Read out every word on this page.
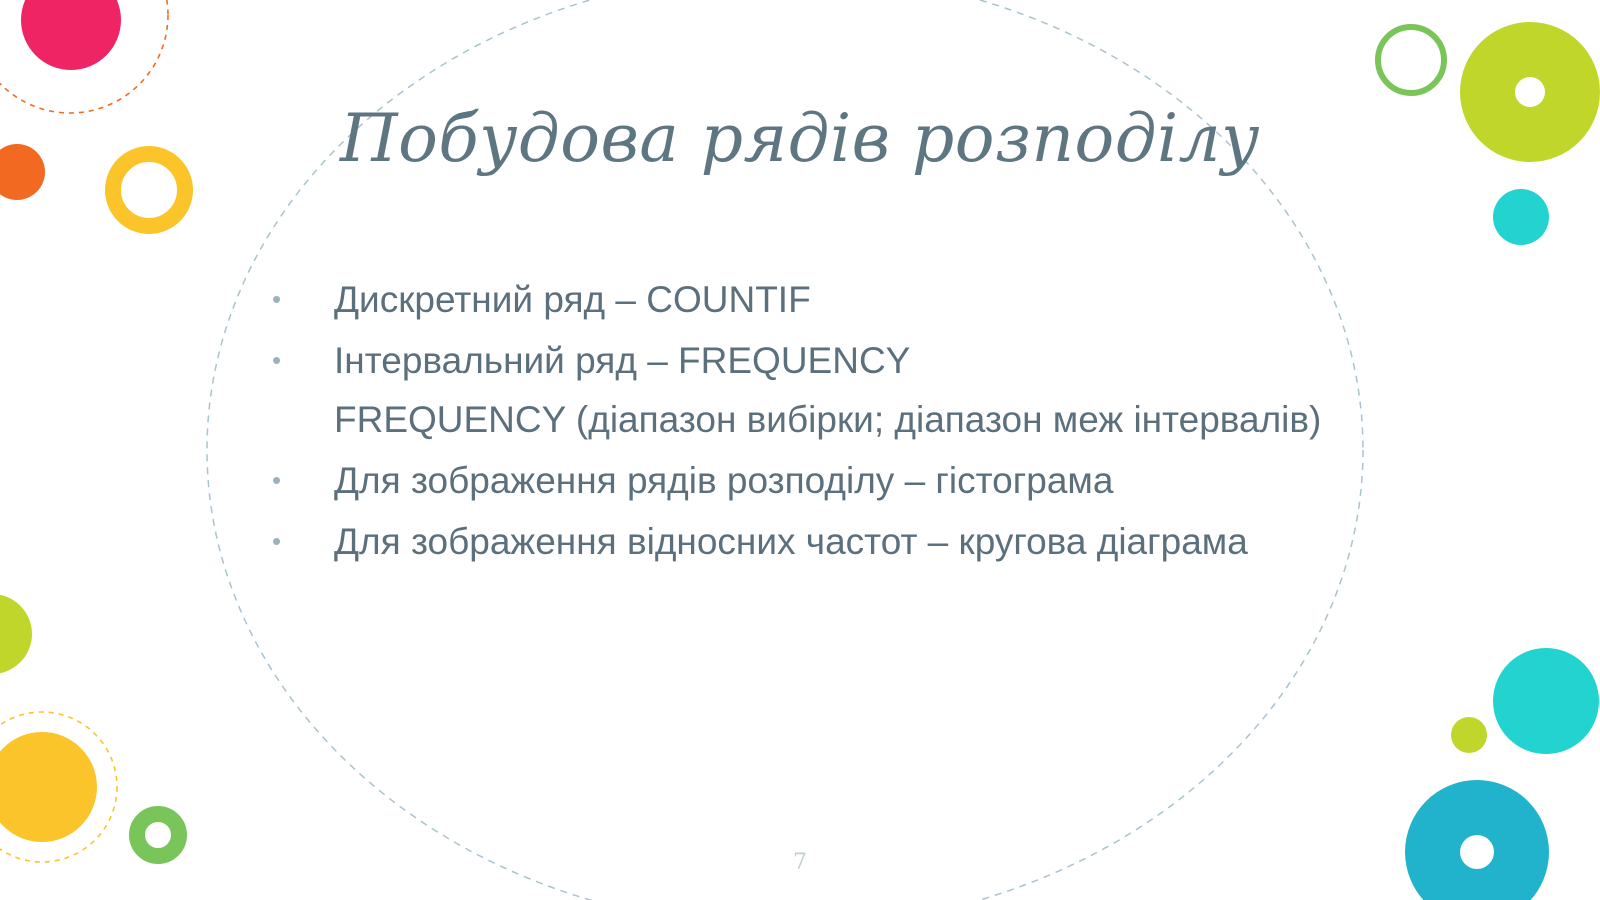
Побудова рядів розподілу
• Дискретний ряд – COUNTIF
• Інтервальний ряд – FREQUENCY
FREQUENCY (діапазон вибірки; діапазон меж інтервалів)
• Для зображення рядів розподілу – гістограма
• Для зображення відносних частот – кругова діаграма
7
